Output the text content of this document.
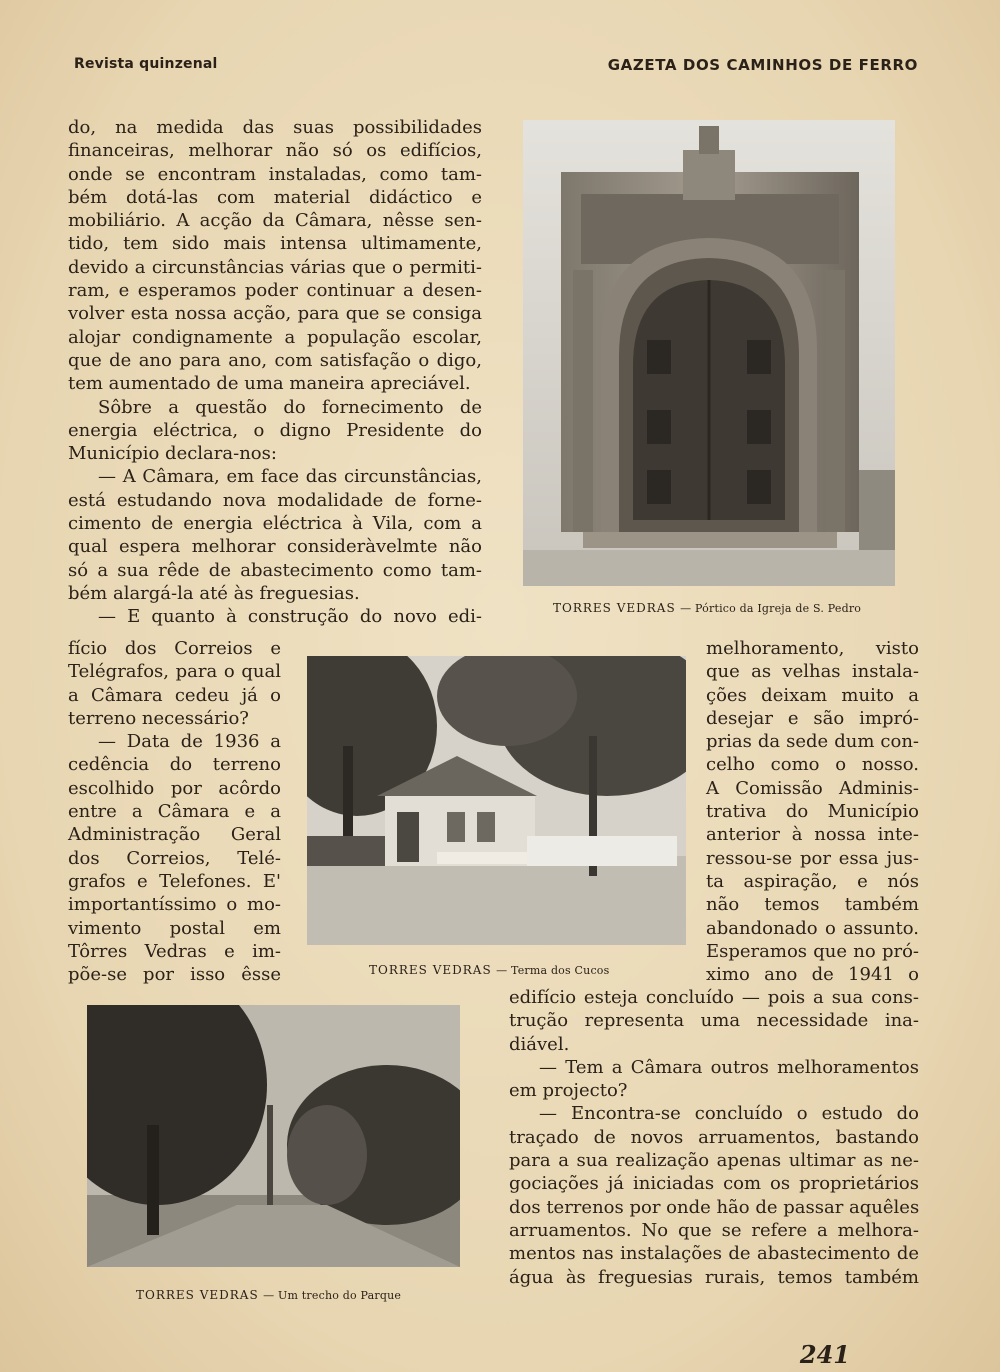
Revista quinzenal	GAZETA DOS CAMINHOS DE FERRO
do, na medida das suas possibilidades
financeiras, melhorar não só os edifícios,
onde se encontram instaladas, como tam-
bém dotá-las com material didáctico e
mobiliário. A acção da Câmara, nêsse sen-
tido, tem sido mais intensa ultimamente,
devido a circunstâncias várias que o permiti-
ram, e esperamos poder continuar a desen-
volver esta nossa acção, para que se consiga
alojar condignamente a população escolar,
que de ano para ano, com satisfação o digo,
tem aumentado de uma maneira apreciável.
Sôbre a questão do fornecimento de
energia eléctrica, o digno Presidente do
Município declara-nos:
— A Câmara, em face das circunstâncias,
está estudando nova modalidade de forne-
cimento de energia eléctrica à Vila, com a
qual espera melhorar consideràvelmte não
só a sua rêde de abastecimento como tam-
bém alargá-la até às freguesias.
— E quanto à construção do novo edi-
fício dos Correios e
Telégrafos, para o qual
a Câmara cedeu já o
terreno necessário?
— Data de 1936 a
cedência do terreno
escolhido por acôrdo
entre a Câmara e a
Administração Geral
dos Correios, Telé-
grafos e Telefones. E'
importantíssimo o mo-
vimento postal em
Tôrres Vedras e im-
põe-se por isso êsse
melhoramento, visto
que as velhas instala-
ções deixam muito a
desejar e são impró-
prias da sede dum con-
celho como o nosso.
A Comissão Adminis-
trativa do Município
anterior à nossa inte-
ressou-se por essa jus-
ta aspiração, e nós
não temos também
abandonado o assunto.
Esperamos que no pró-
ximo ano de 1941 o
edifício esteja concluído — pois a sua cons-
trução representa uma necessidade ina-
diável.
— Tem a Câmara outros melhoramentos
em projecto?
— Encontra-se concluído o estudo do
traçado de novos arruamentos, bastando
para a sua realização apenas ultimar as ne-
gociações já iniciadas com os proprietários
dos terrenos por onde hão de passar aquêles
arruamentos. No que se refere a melhora-
mentos nas instalações de abastecimento de
água às freguesias rurais, temos também
TORRES VEDRAS — Pórtico da Igreja de S. Pedro
TORRES VEDRAS — Terma dos Cucos
TORRES VEDRAS — Um trecho do Parque
241
